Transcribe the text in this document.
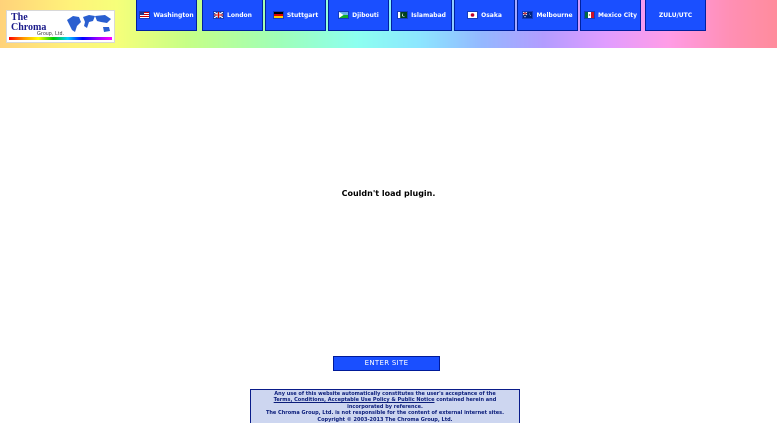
The
Chroma
Group, Ltd.
Washington	London	Stuttgart	Djibouti	Islamabad	Osaka	Melbourne	Mexico City	ZULU/UTC
Couldn't load plugin.
ENTER SITE
Any use of this website automatically constitutes the user's acceptance of the
Terms, Conditions, Acceptable Use Policy & Public Notice contained herein and
incorporated by reference.
The Chroma Group, Ltd. is not responsible for the content of external internet sites.
Copyright © 2003-2013 The Chroma Group, Ltd.
